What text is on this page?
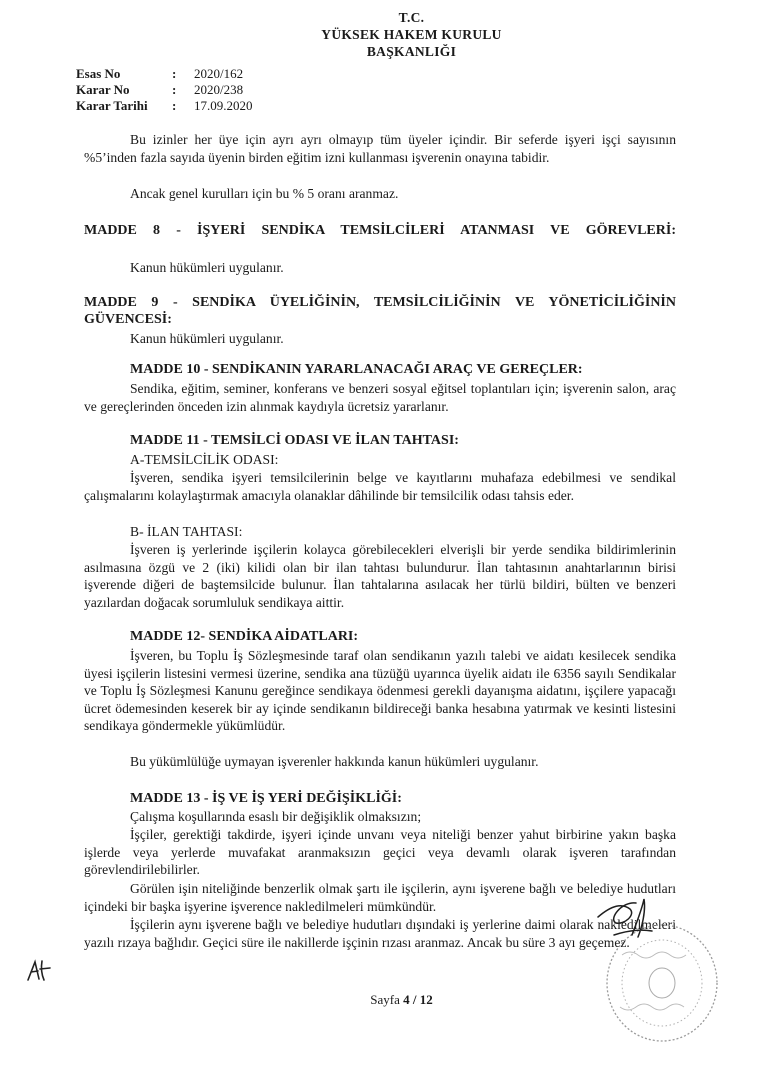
T.C.
YÜKSEK HAKEM KURULU
BAŞKANLIĞI
Esas No	: 2020/162
Karar No	: 2020/238
Karar Tarihi : 17.09.2020
Bu izinler her üye için ayrı ayrı olmayıp tüm üyeler içindir. Bir seferde işyeri işçi sayısının %5’inden fazla sayıda üyenin birden eğitim izni kullanması işverenin onayına tabidir.
Ancak genel kurulları için bu % 5 oranı aranmaz.
MADDE 8 - İŞYERİ SENDİKA TEMSİLCİLERİ ATANMASI VE GÖREVLERİ:
Kanun hükümleri uygulanır.
MADDE 9 - SENDİKA ÜYELİĞİNİN, TEMSİLCİLİĞİNİN VE YÖNETİCİLİĞİNİN GÜVENCESİ:
Kanun hükümleri uygulanır.
MADDE 10 - SENDİKANIN YARARLANACAĞI ARAÇ VE GEREÇLER:
Sendika, eğitim, seminer, konferans ve benzeri sosyal eğitsel toplantıları için; işverenin salon, araç ve gereçlerinden önceden izin alınmak kaydıyla ücretsiz yararlanır.
MADDE 11 - TEMSİLCİ ODASI VE İLAN TAHTASI:
A-TEMSİLCİLİK ODASI:
İşveren, sendika işyeri temsilcilerinin belge ve kayıtlarını muhafaza edebilmesi ve sendikal çalışmalarını kolaylaştırmak amacıyla olanaklar dâhilinde bir temsilcilik odası tahsis eder.
B- İLAN TAHTASI:
İşveren iş yerlerinde işçilerin kolayca görebilecekleri elverişli bir yerde sendika bildirimlerinin asılmasına özgü ve 2 (iki) kilidi olan bir ilan tahtası bulundurur. İlan tahtasının anahtarlarının birisi işverende diğeri de baştemsilcide bulunur. İlan tahtalarına asılacak her türlü bildiri, bülten ve benzeri yazılardan doğacak sorumluluk sendikaya aittir.
MADDE 12- SENDİKA AİDATLARI:
İşveren, bu Toplu İş Sözleşmesinde taraf olan sendikanın yazılı talebi ve aidatı kesilecek sendika üyesi işçilerin listesini vermesi üzerine, sendika ana tüzüğü uyarınca üyelik aidatı ile 6356 sayılı Sendikalar ve Toplu İş Sözleşmesi Kanunu gereğince sendikaya ödenmesi gerekli dayanışma aidatını, işçilere yapacağı ücret ödemesinden keserek bir ay içinde sendikanın bildireceği banka hesabına yatırmak ve kesinti listesini sendikaya göndermekle yükümlüdür.
Bu yükümlülüğe uymayan işverenler hakkında kanun hükümleri uygulanır.
MADDE 13 - İŞ VE İŞ YERİ DEĞİŞİKLİĞİ:
Çalışma koşullarında esaslı bir değişiklik olmaksızın;
İşçiler, gerektiği takdirde, işyeri içinde unvanı veya niteliği benzer yahut birbirine yakın başka işlerde veya yerlerde muvafakat aranmaksızın geçici veya devamlı olarak işveren tarafından görevlendirilebilirler.
Görülen işin niteliğinde benzerlik olmak şartı ile işçilerin, aynı işverene bağlı ve belediye hudutları içindeki bir başka işyerine işverence nakledilmeleri mümkündür.
İşçilerin aynı işverene bağlı ve belediye hudutları dışındaki iş yerlerine daimi olarak nakledilmeleri yazılı rızaya bağlıdır. Geçici süre ile nakillerde işçinin rızası aranmaz. Ancak bu süre 3 ayı geçemez.
Sayfa 4 / 12
